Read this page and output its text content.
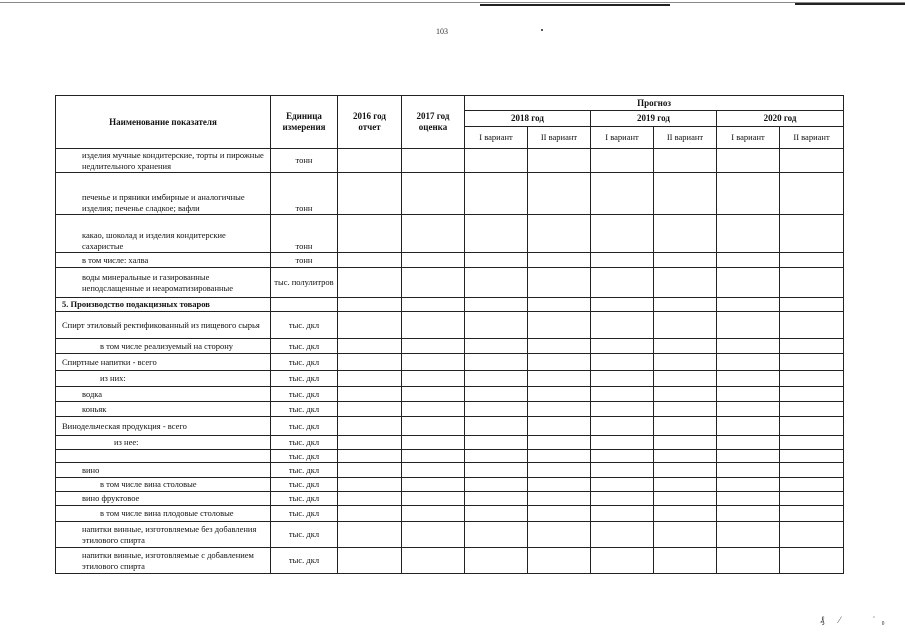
103
Наименование показателя	Единица измерения	2016 год отчет	2017 год оценка	Прогноз					
				2018 год		2019 год		2020 год	
				I вариант	II вариант	I вариант	II вариант	I вариант	II вариант
изделия мучные кондитерские, торты и пирожные недлительного хранения	тонн								
печенье и пряники имбирные и аналогичные изделия; печенье сладкое; вафли	тонн								
какао, шоколад и изделия кондитерские сахаристые	тонн								
в том числе: халва	тонн								
воды минеральные и газированные неподслащенные и неароматизированные	тыс. полулитров								
5. Производство подакцизных товаров									
Спирт этиловый ректификованный из пищевого сырья	тыс. дкл								
в том числе реализуемый на сторону	тыс. дкл								
Спиртные напитки - всего	тыс. дкл								
из них:	тыс. дкл								
водка	тыс. дкл								
коньяк	тыс. дкл								
Винодельческая продукция - всего	тыс. дкл								
из нее:	тыс. дкл								
	тыс. дкл								
вино	тыс. дкл								
в том числе вина столовые	тыс. дкл								
вино фруктовое	тыс. дкл								
в том числе вина плодовые столовые	тыс. дкл								
напитки винные, изготовляемые без добавления этилового спирта	тыс. дкл								
напитки винные, изготовляемые с добавлением этилового спирта	тыс. дкл								
₰ ⁄	ʿ₀
